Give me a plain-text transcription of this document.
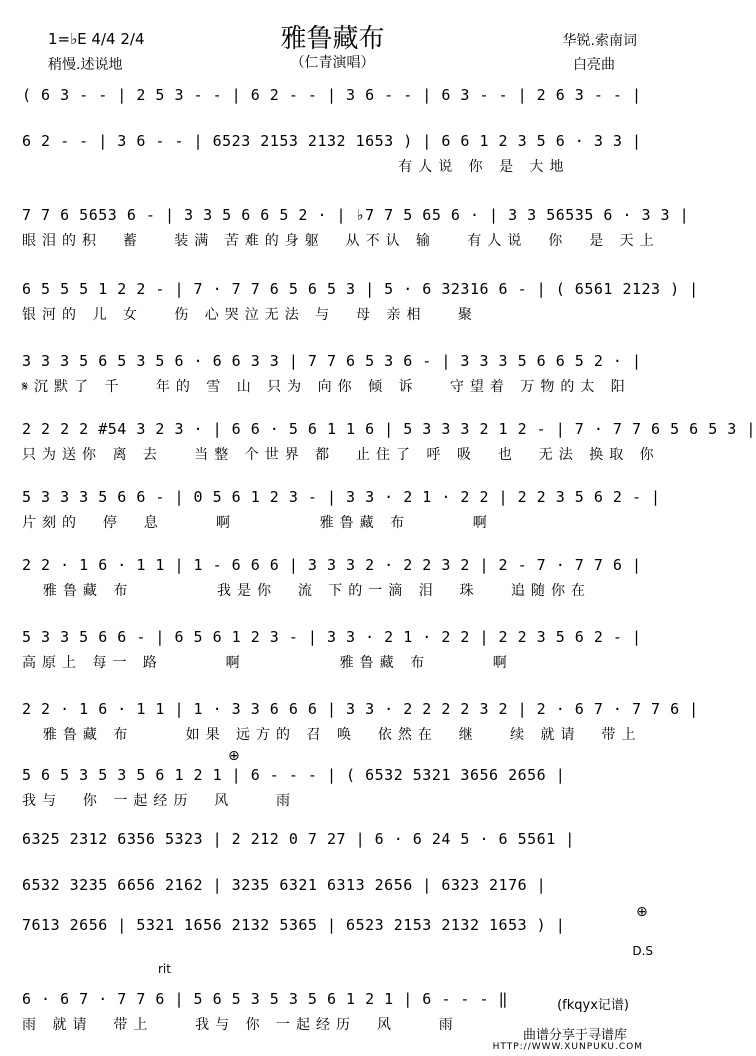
雅鲁藏布
（仁青演唱）
1=♭E 4/4 2/4
稍慢.述说地
华锐.索南词
白亮曲
( 6 3 - - | 2 5 3 - - | 6 2 - - | 3 6 - - | 6 3 - - | 2 6 3 - - |
6 2 - - | 3 6 - - | 6523 2153 2132 1653 ) | 6 6 1 2 3 5 6 · 3 3 |
有人说 你 是 大地
7 7 6 5653 6 - | 3 3 5 6 6 5 2 · | ♭7 7 5 65 6 · | 3 3 56535 6 · 3 3 |
眼泪的积  蓄   装满 苦难的身躯  从不认 输   有人说  你  是 天上
6 5 5 5 1 2 2 - | 7 · 7 7 6 5 6 5 3 | 5 · 6 32316 6 - | ( 6561 2123 ) |
银河的 儿 女   伤 心哭泣无法 与  母 亲相   聚
3 3 3 5 6 5 3 5 6 · 6 6 3 3 | 7 7 6 5 3 6 - | 3 3 3 5 6 6 5 2 · |
𝄋沉默了 千   年的 雪 山 只为 向你 倾 诉   守望着 万物的太 阳
2 2 2 2 #54 3 2 3 · | 6 6 · 5 6 1 1 6 | 5 3 3 3 2 1 2 - | 7 · 7 7 6 5 6 5 3 |
只为送你 离 去   当整 个世界 都  止住了 呼 吸  也  无法 换取 你
5 3 3 3 5 6 6 - | 0 5 6 1 2 3 - | 3 3 · 2 1 · 2 2 | 2 2 3 5 6 2 - |
片刻的  停  息     啊        雅鲁藏 布      啊
2 2 · 1 6 · 1 1 | 1 - 6 6 6 | 3 3 3 2 · 2 2 3 2 | 2 - 7 · 7 7 6 |
雅鲁藏 布        我是你  流 下的一滴 泪  珠   追随你在
5 3 3 5 6 6 - | 6 5 6 1 2 3 - | 3 3 · 2 1 · 2 2 | 2 2 3 5 6 2 - |
高原上 每一 路      啊         雅鲁藏 布      啊
2 2 · 1 6 · 1 1 | 1 · 3 3 6 6 6 | 3 3 · 2 2 2 2 3 2 | 2 · 6 7 · 7 7 6 |
雅鲁藏 布     如果 远方的 召 唤  依然在  继   续 就请  带上
5 6 5 3 5 3 5 6 1 2 1 | 6 - - - | ( 6532 5321 3656 2656 |
我与  你 一起经历  风    雨
6325 2312 6356 5323 | 2 212 0 7 27 | 6 · 6 24 5 · 6 5561 |
6532 3235 6656 2162 | 3235 6321 6313 2656 | 6323 2176 |
7613 2656 | 5321 1656 2132 5365 | 6523 2153 2132 1653 ) |
6 · 6 7 · 7 7 6 | 5 6 5 3 5 3 5 6 1 2 1 | 6 - - - ‖
雨 就请  带上    我与 你 一起经历  风    雨
⊕
⊕
D.S
rit
(fkqyx记谱)
曲谱分享于寻谱库
HTTP://WWW.XUNPUKU.COM
